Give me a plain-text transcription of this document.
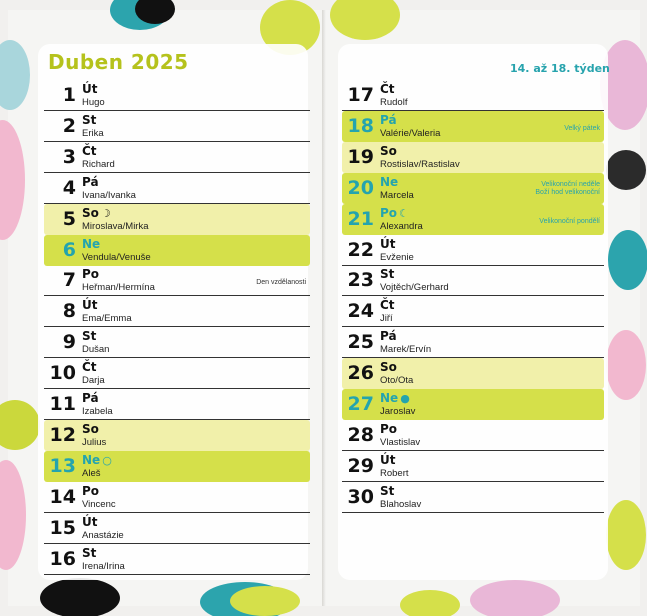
Duben 2025	14. až 18. týden
1 Út
Hugo
2 St
Erika
3 Čt
Richard
4 Pá
Ivana/Ivanka
5 So ☽
Miroslava/Mirka
6 Ne
Vendula/Venuše
7 Po
Heřman/Hermína	Den vzdělanosti
8 Út
Ema/Emma
9 St
Dušan
10 Čt
Darja
11 Pá
Izabela
12 So
Julius
13 Ne ○
Aleš
14 Po
Vincenc
15 Út
Anastázie
16 St
Irena/Irina
17 Čt
Rudolf
18 Pá
Valérie/Valeria	Velký pátek
19 So
Rostislav/Rastislav
20 Ne
Marcela
Velikonoční neděle
Boží hod velikonoční
21 Po ☾
Alexandra	Velikonoční pondělí
22 Út
Evženie
23 St
Vojtěch/Gerhard
24 Čt
Jiří
25 Pá
Marek/Ervín
26 So
Oto/Ota
27 Ne ●
Jaroslav
28 Po
Vlastislav
29 Út
Robert
30 St
Blahoslav
